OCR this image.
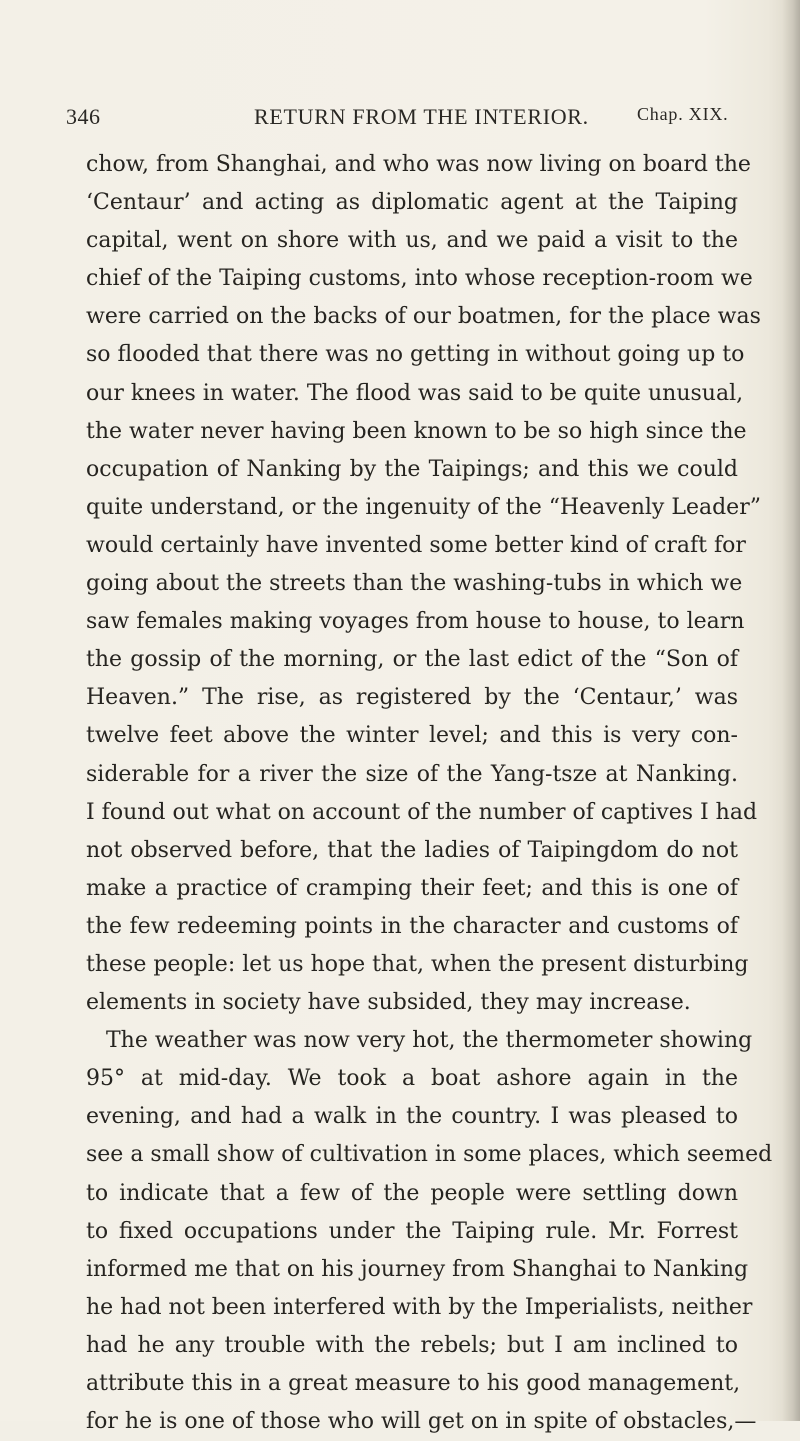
346	RETURN FROM THE INTERIOR.	Chap. XIX.
chow, from Shanghai, and who was now living on board the
‘Centaur’ and acting as diplomatic agent at the Taiping
capital, went on shore with us, and we paid a visit to the
chief of the Taiping customs, into whose reception-room we
were carried on the backs of our boatmen, for the place was
so flooded that there was no getting in without going up to
our knees in water. The flood was said to be quite unusual,
the water never having been known to be so high since the
occupation of Nanking by the Taipings; and this we could
quite understand, or the ingenuity of the “Heavenly Leader”
would certainly have invented some better kind of craft for
going about the streets than the washing-tubs in which we
saw females making voyages from house to house, to learn
the gossip of the morning, or the last edict of the “Son of
Heaven.” The rise, as registered by the ‘Centaur,’ was
twelve feet above the winter level; and this is very con-
siderable for a river the size of the Yang-tsze at Nanking.
I found out what on account of the number of captives I had
not observed before, that the ladies of Taipingdom do not
make a practice of cramping their feet; and this is one of
the few redeeming points in the character and customs of
these people: let us hope that, when the present disturbing
elements in society have subsided, they may increase.
The weather was now very hot, the thermometer showing
95° at mid-day. We took a boat ashore again in the
evening, and had a walk in the country. I was pleased to
see a small show of cultivation in some places, which seemed
to indicate that a few of the people were settling down
to fixed occupations under the Taiping rule. Mr. Forrest
informed me that on his journey from Shanghai to Nanking
he had not been interfered with by the Imperialists, neither
had he any trouble with the rebels; but I am inclined to
attribute this in a great measure to his good management,
for he is one of those who will get on in spite of obstacles,—
